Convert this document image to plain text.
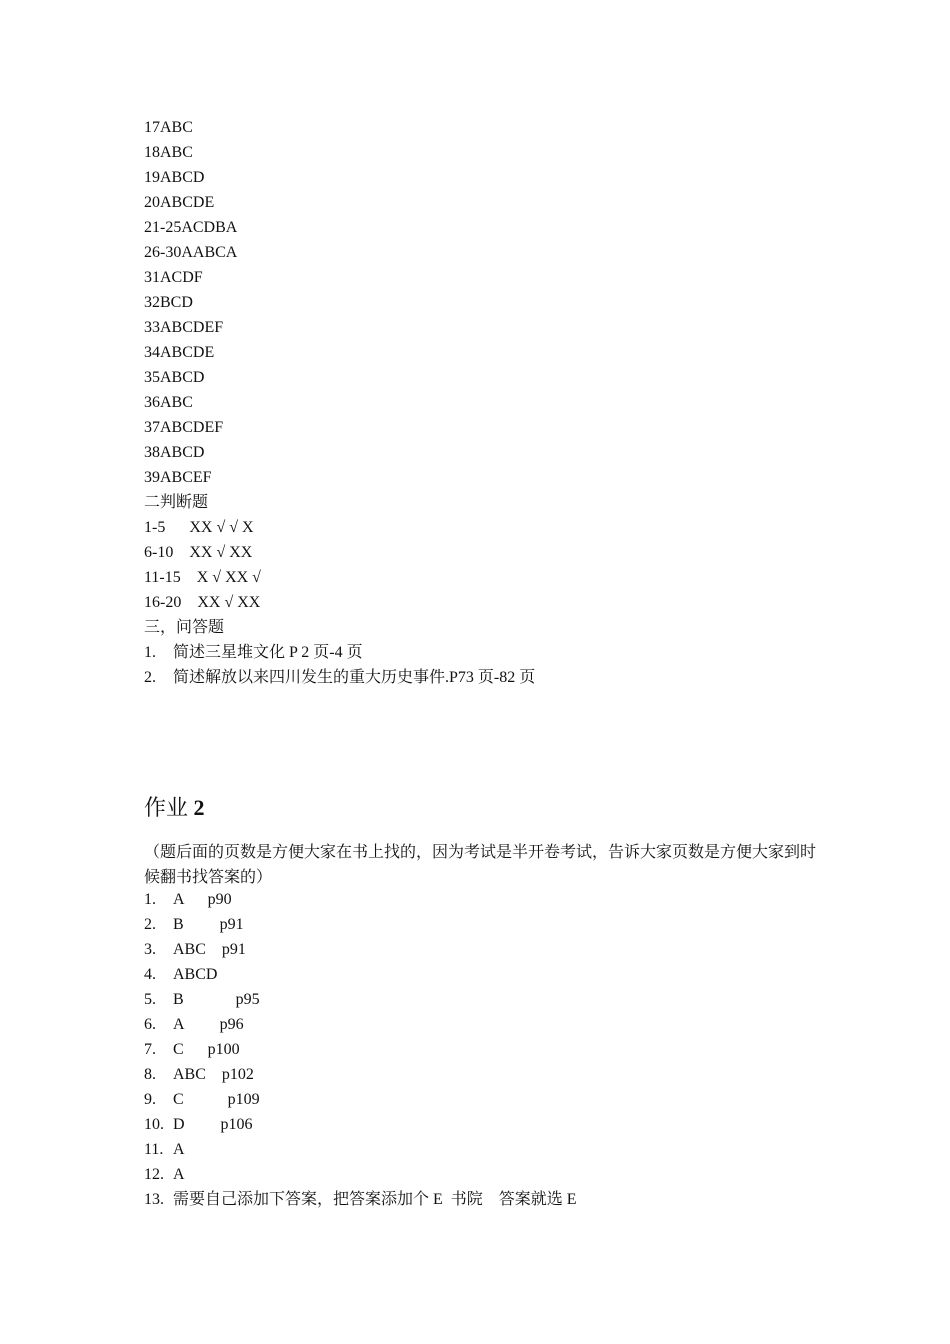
17ABC
18ABC
19ABCD
20ABCDE
21-25ACDBA
26-30AABCA
31ACDF
32BCD
33ABCDEF
34ABCDE
35ABCD
36ABC
37ABCDEF
38ABCD
39ABCEF
二判断题
1-5      XX √ √ X
6-10    XX √ XX
11-15    X √ XX √
16-20    XX √ XX
三，问答题
1. 简述三星堆文化 P 2 页-4 页
2. 简述解放以来四川发生的重大历史事件.P73 页-82 页
作业 2
（题后面的页数是方便大家在书上找的，因为考试是半开卷考试，告诉大家页数是方便大家到时候翻书找答案的）
1. A      p90
2. B         p91
3. ABC    p91
4. ABCD
5. B             p95
6. A         p96
7. C      p100
8. ABC    p102
9. C           p109
10. D         p106
11. A
12. A
13. 需要自己添加下答案，把答案添加个 E  书院    答案就选 E
